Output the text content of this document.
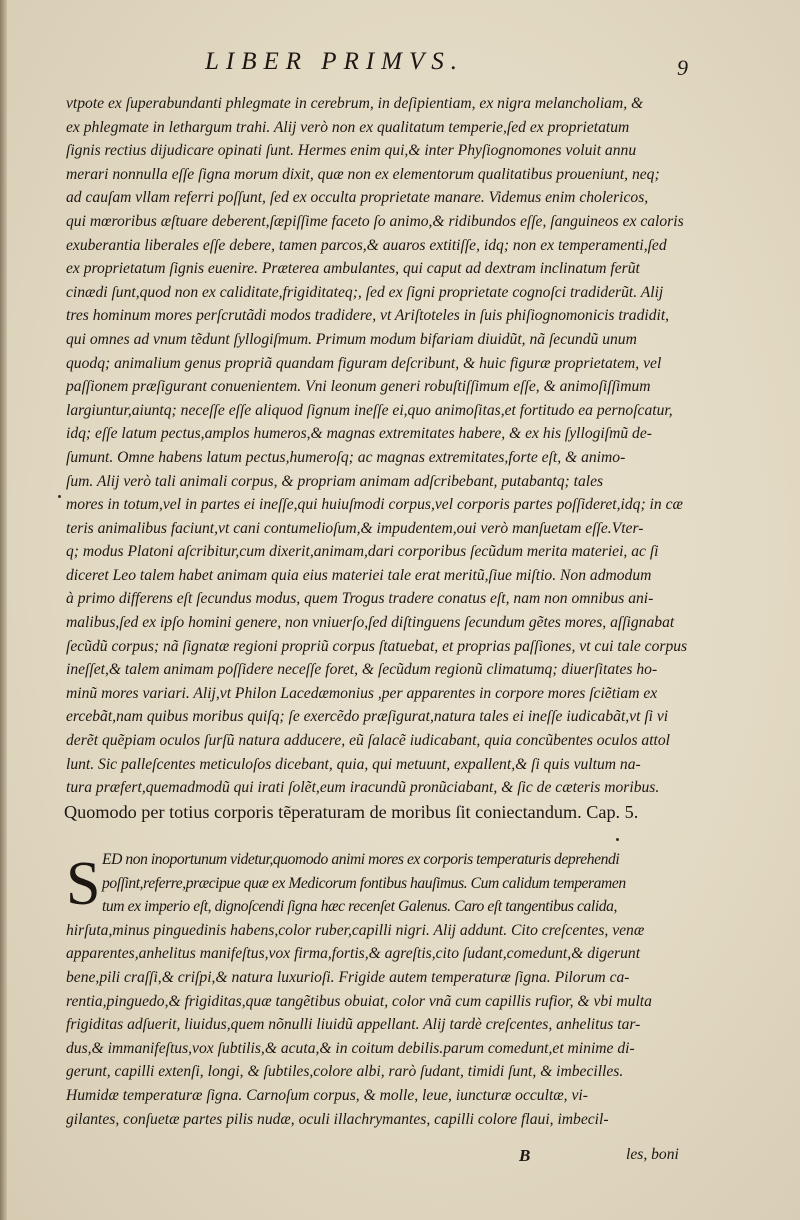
LIBER PRIMVS.	9
vtpote ex ſuperabundanti phlegmate in cerebrum, in deſipientiam, ex nigra melancholiam, &
ex phlegmate in lethargum trahi. Alij verò non ex qualitatum temperie,ſed ex proprietatum
ſignis rectius dijudicare opinati ſunt. Hermes enim qui,& inter Phyſiognomones voluit annu
merari nonnulla eſſe ſigna morum dixit, quæ non ex elementorum qualitatibus proueniunt, neq;
ad cauſam vllam referri poſſunt, ſed ex occulta proprietate manare. Videmus enim cholericos,
qui mœroribus æſtuare deberent,ſæpiſſime faceto ſo animo,& ridibundos eſſe, ſanguineos ex caloris
exuberantia liberales eſſe debere, tamen parcos,& auaros extitiſſe, idq; non ex temperamenti,ſed
ex proprietatum ſignis euenire. Præterea ambulantes, qui caput ad dextram inclinatum ferũt
cinædi ſunt,quod non ex caliditate,frigiditateq;, ſed ex ſigni proprietate cognoſci tradiderũt. Alij
tres hominum mores perſcrutãdi modos tradidere, vt Ariſtoteles in ſuis phiſiognomonicis tradidit,
qui omnes ad vnum tẽdunt ſyllogiſmum. Primum modum bifariam diuidũt, nã ſecundũ unum
quodq; animalium genus propriã quandam figuram deſcribunt, & huic figuræ proprietatem, vel
paſſionem præſigurant conuenientem. Vni leonum generi robuſtiſſimum eſſe, & animoſiſſimum
largiuntur,aiuntq; neceſſe eſſe aliquod ſignum ineſſe ei,quo animoſitas,et fortitudo ea pernoſcatur,
idq; eſſe latum pectus,amplos humeros,& magnas extremitates habere, & ex his ſyllogiſmũ de-
ſumunt. Omne habens latum pectus,humeroſq; ac magnas extremitates,forte eſt, & animo-
ſum. Alij verò tali animali corpus, & propriam animam adſcribebant, putabantq; tales
mores in totum,vel in partes ei ineſſe,qui huiuſmodi corpus,vel corporis partes poſſideret,idq; in cæ
teris animalibus faciunt,vt cani contumelioſum,& impudentem,oui verò manſuetam eſſe.Vter-
q; modus Platoni aſcribitur,cum dixerit,animam,dari corporibus ſecũdum merita materiei, ac ſi
diceret Leo talem habet animam quia eius materiei tale erat meritũ,ſiue miſtio. Non admodum
à primo differens eſt ſecundus modus, quem Trogus tradere conatus eſt, nam non omnibus ani-
malibus,ſed ex ipſo homini genere, non vniuerſo,ſed diſtinguens ſecundum gẽtes mores, aſſignabat
ſecũdũ corpus; nã ſignatæ regioni propriũ corpus ſtatuebat, et proprias paſſiones, vt cui tale corpus
ineſſet,& talem animam poſſidere neceſſe foret, & ſecũdum regionũ climatumq; diuerſitates ho-
minũ mores variari. Alij,vt Philon Lacedæmonius ,per apparentes in corpore mores ſciẽtiam ex
ercebãt,nam quibus moribus quiſq; ſe exercẽdo præſigurat,natura tales ei ineſſe iudicabãt,vt ſi vi
derẽt quẽpiam oculos ſurſũ natura adducere, eũ ſalacẽ iudicabant, quia concũbentes oculos attol
lunt. Sic palleſcentes meticuloſos dicebant, quia, qui metuunt, expallent,& ſi quis vultum na-
tura præfert,quemadmodũ qui irati ſolẽt,eum iracundũ pronũciabant, & ſic de cæteris moribus.
Quomodo per totius corporis tẽperaturam de moribus ſit coniectandum. Cap. 5.
S ED non inoportunum videtur,quomodo animi mores ex corporis temperaturis deprehendi
poſſint,referre,præcipue quæ ex Medicorum fontibus hauſimus. Cum calidum temperamen
tum ex imperio eſt, dignoſcendi ſigna hæc recenſet Galenus. Caro eſt tangentibus calida,
hirſuta,minus pinguedinis habens,color ruber,capilli nigri. Alij addunt. Cito creſcentes, venæ
apparentes,anhelitus manifeſtus,vox firma,fortis,& agreſtis,cito ſudant,comedunt,& digerunt
bene,pili craſſi,& criſpi,& natura luxurioſi. Frigide autem temperaturæ ſigna. Pilorum ca-
rentia,pinguedo,& frigiditas,quæ tangẽtibus obuiat, color vnã cum capillis rufior, & vbi multa
frigiditas adſuerit, liuidus,quem nõnulli liuidũ appellant. Alij tardè creſcentes, anhelitus tar-
dus,& immanifeſtus,vox ſubtilis,& acuta,& in coitum debilis.parum comedunt,et minime di-
gerunt, capilli extenſi, longi, & ſubtiles,colore albi, rarò ſudant, timidi ſunt, & imbecilles.
Humidæ temperaturæ ſigna. Carnoſum corpus, & molle, leue, iuncturæ occultæ, vi-
gilantes, conſuetæ partes pilis nudæ, oculi illachrymantes, capilli colore flaui, imbecil-
B	les, boni
